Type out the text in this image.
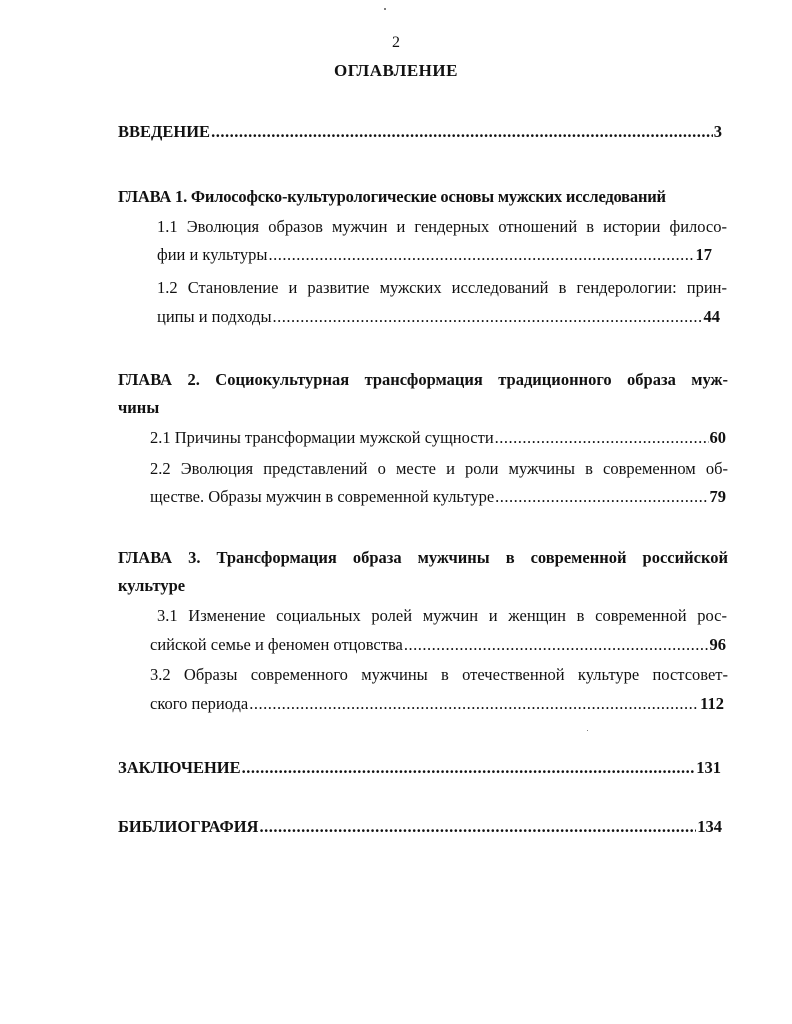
2
ОГЛАВЛЕНИЕ
ВВЕДЕНИЕ .....	3
ГЛАВА 1. Философско-культурологические основы мужских исследований
1.1 Эволюция образов мужчин и гендерных отношений в истории филосо-
фии и культуры .....	17
1.2 Становление и развитие мужских исследований в гендерологии: прин-
ципы и подходы .....	44
ГЛАВА 2. Социокультурная трансформация традиционного образа муж-
чины
2.1 Причины трансформации мужской сущности .....	60
2.2 Эволюция представлений о месте и роли мужчины в современном об-
ществе. Образы мужчин в современной культуре .....	79
ГЛАВА 3. Трансформация образа мужчины в современной российской
культуре
3.1 Изменение социальных ролей мужчин и женщин в современной рос-
сийской семье и феномен отцовства .....	96
3.2 Образы современного мужчины в отечественной культуре постсовет-
ского периода .....	112
ЗАКЛЮЧЕНИЕ .....	131
БИБЛИОГРАФИЯ .....	134
